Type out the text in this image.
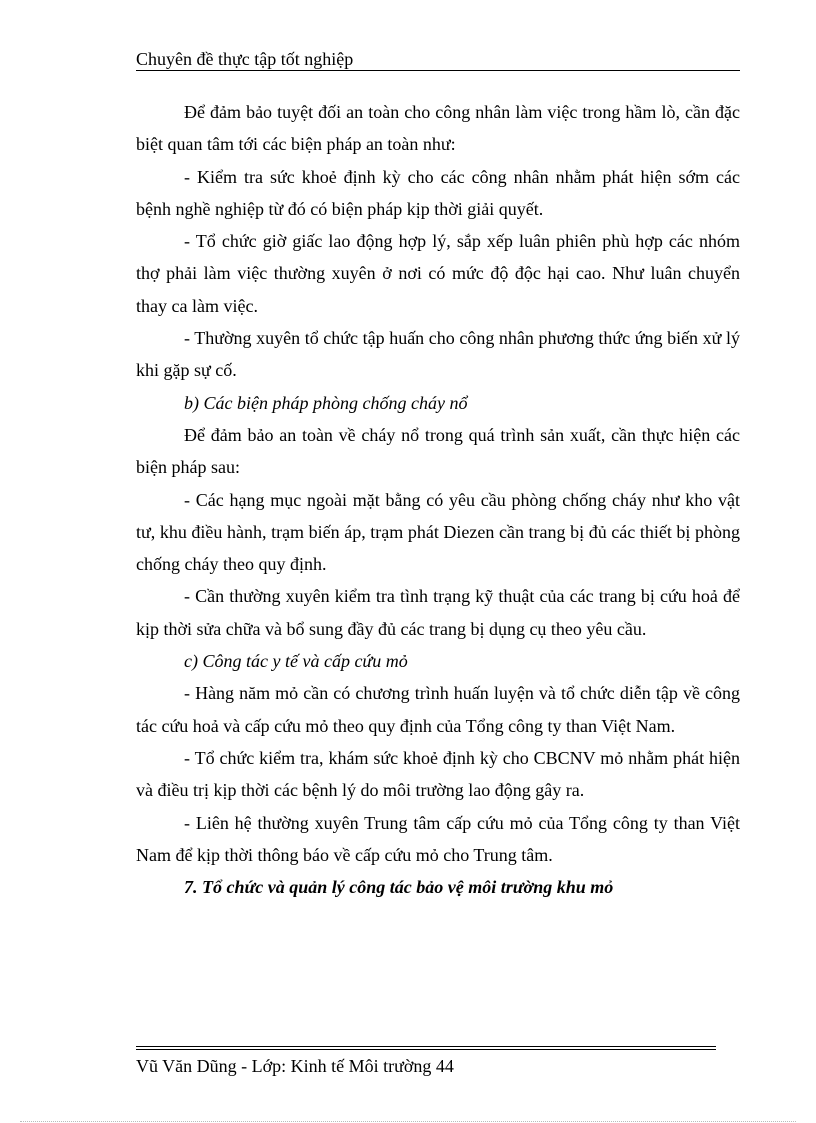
Chuyên đề thực tập tốt nghiệp

Để đảm bảo tuyệt đối an toàn cho công nhân làm việc trong hầm lò, cần đặc biệt quan tâm tới các biện pháp an toàn như:

- Kiểm tra sức khoẻ định kỳ cho các công nhân nhằm phát hiện sớm các bệnh nghề nghiệp từ đó có biện pháp kịp thời giải quyết.

- Tổ chức giờ giấc lao động hợp lý, sắp xếp luân phiên phù hợp các nhóm thợ phải làm việc thường xuyên ở nơi có mức độ độc hại cao. Như luân chuyển thay ca làm việc.

- Thường xuyên tổ chức tập huấn cho công nhân phương thức ứng biến xử lý khi gặp sự cố.

b) Các biện pháp phòng chống cháy nổ

Để đảm bảo an toàn về cháy nổ trong quá trình sản xuất, cần thực hiện các biện pháp sau:

- Các hạng mục ngoài mặt bằng có yêu cầu phòng chống cháy như kho vật tư, khu điều hành, trạm biến áp, trạm phát Diezen cần trang bị đủ các thiết bị phòng chống cháy theo quy định.

- Cần thường xuyên kiểm tra tình trạng kỹ thuật của các trang bị cứu hoả để kịp thời sửa chữa và bổ sung đầy đủ các trang bị dụng cụ theo yêu cầu.

c) Công tác y tế và cấp cứu mỏ

- Hàng năm mỏ cần có chương trình huấn luyện và tổ chức diễn tập về công tác cứu hoả và cấp cứu mỏ theo quy định của Tổng công ty than Việt Nam.

- Tổ chức kiểm tra, khám sức khoẻ định kỳ cho CBCNV mỏ nhằm phát hiện và điều trị kịp thời các bệnh lý do môi trường lao động gây ra.

- Liên hệ thường xuyên Trung tâm cấp cứu mỏ của Tổng công ty than Việt Nam để kịp thời thông báo về cấp cứu mỏ cho Trung tâm.

7. Tổ chức và quản lý công tác bảo vệ môi trường khu mỏ

Vũ Văn Dũng - Lớp: Kinh tế Môi trường 44
